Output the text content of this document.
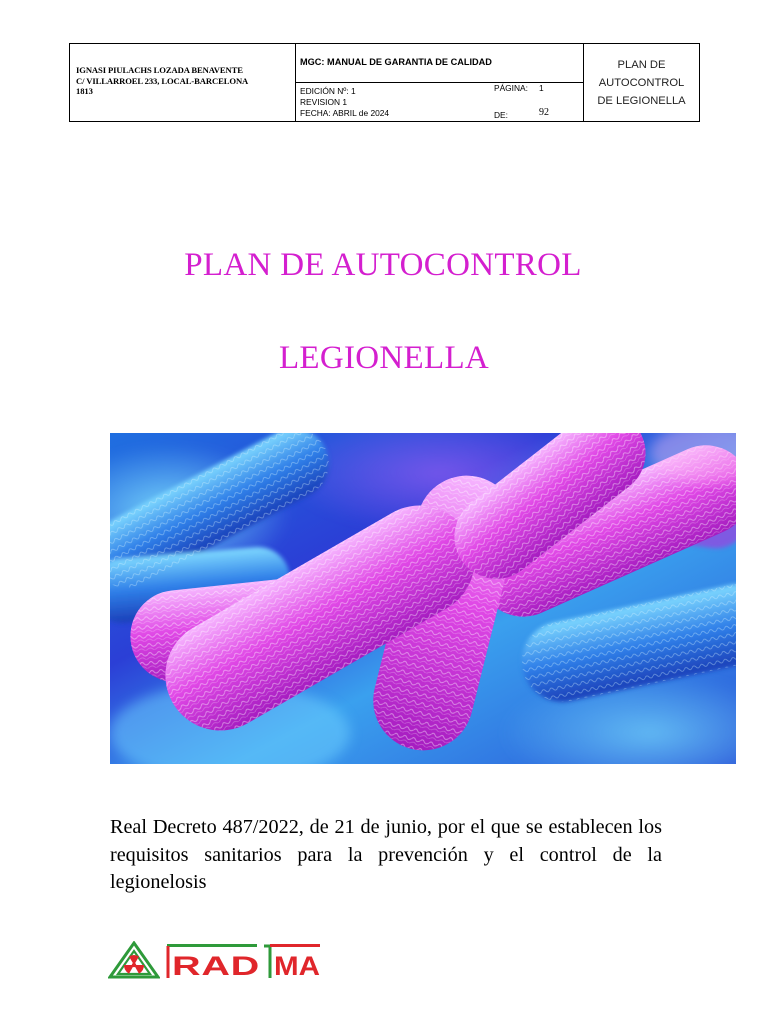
IGNASI PIULACHS LOZADA BENAVENTE
C/ VILLARROEL 233, LOCAL-BARCELONA
1813
MGC: MANUAL DE GARANTIA DE CALIDAD
EDICIÓN Nº: 1
REVISION 1
FECHA: ABRIL de 2024
PÁGINA: 1
DE:	92
PLAN DE
AUTOCONTROL
DE LEGIONELLA
PLAN DE AUTOCONTROL
LEGIONELLA
Real Decreto 487/2022, de 21 de junio, por el que se establecen los requisitos sanitarios para la prevención y el control de la legionelosis
RAD MA
